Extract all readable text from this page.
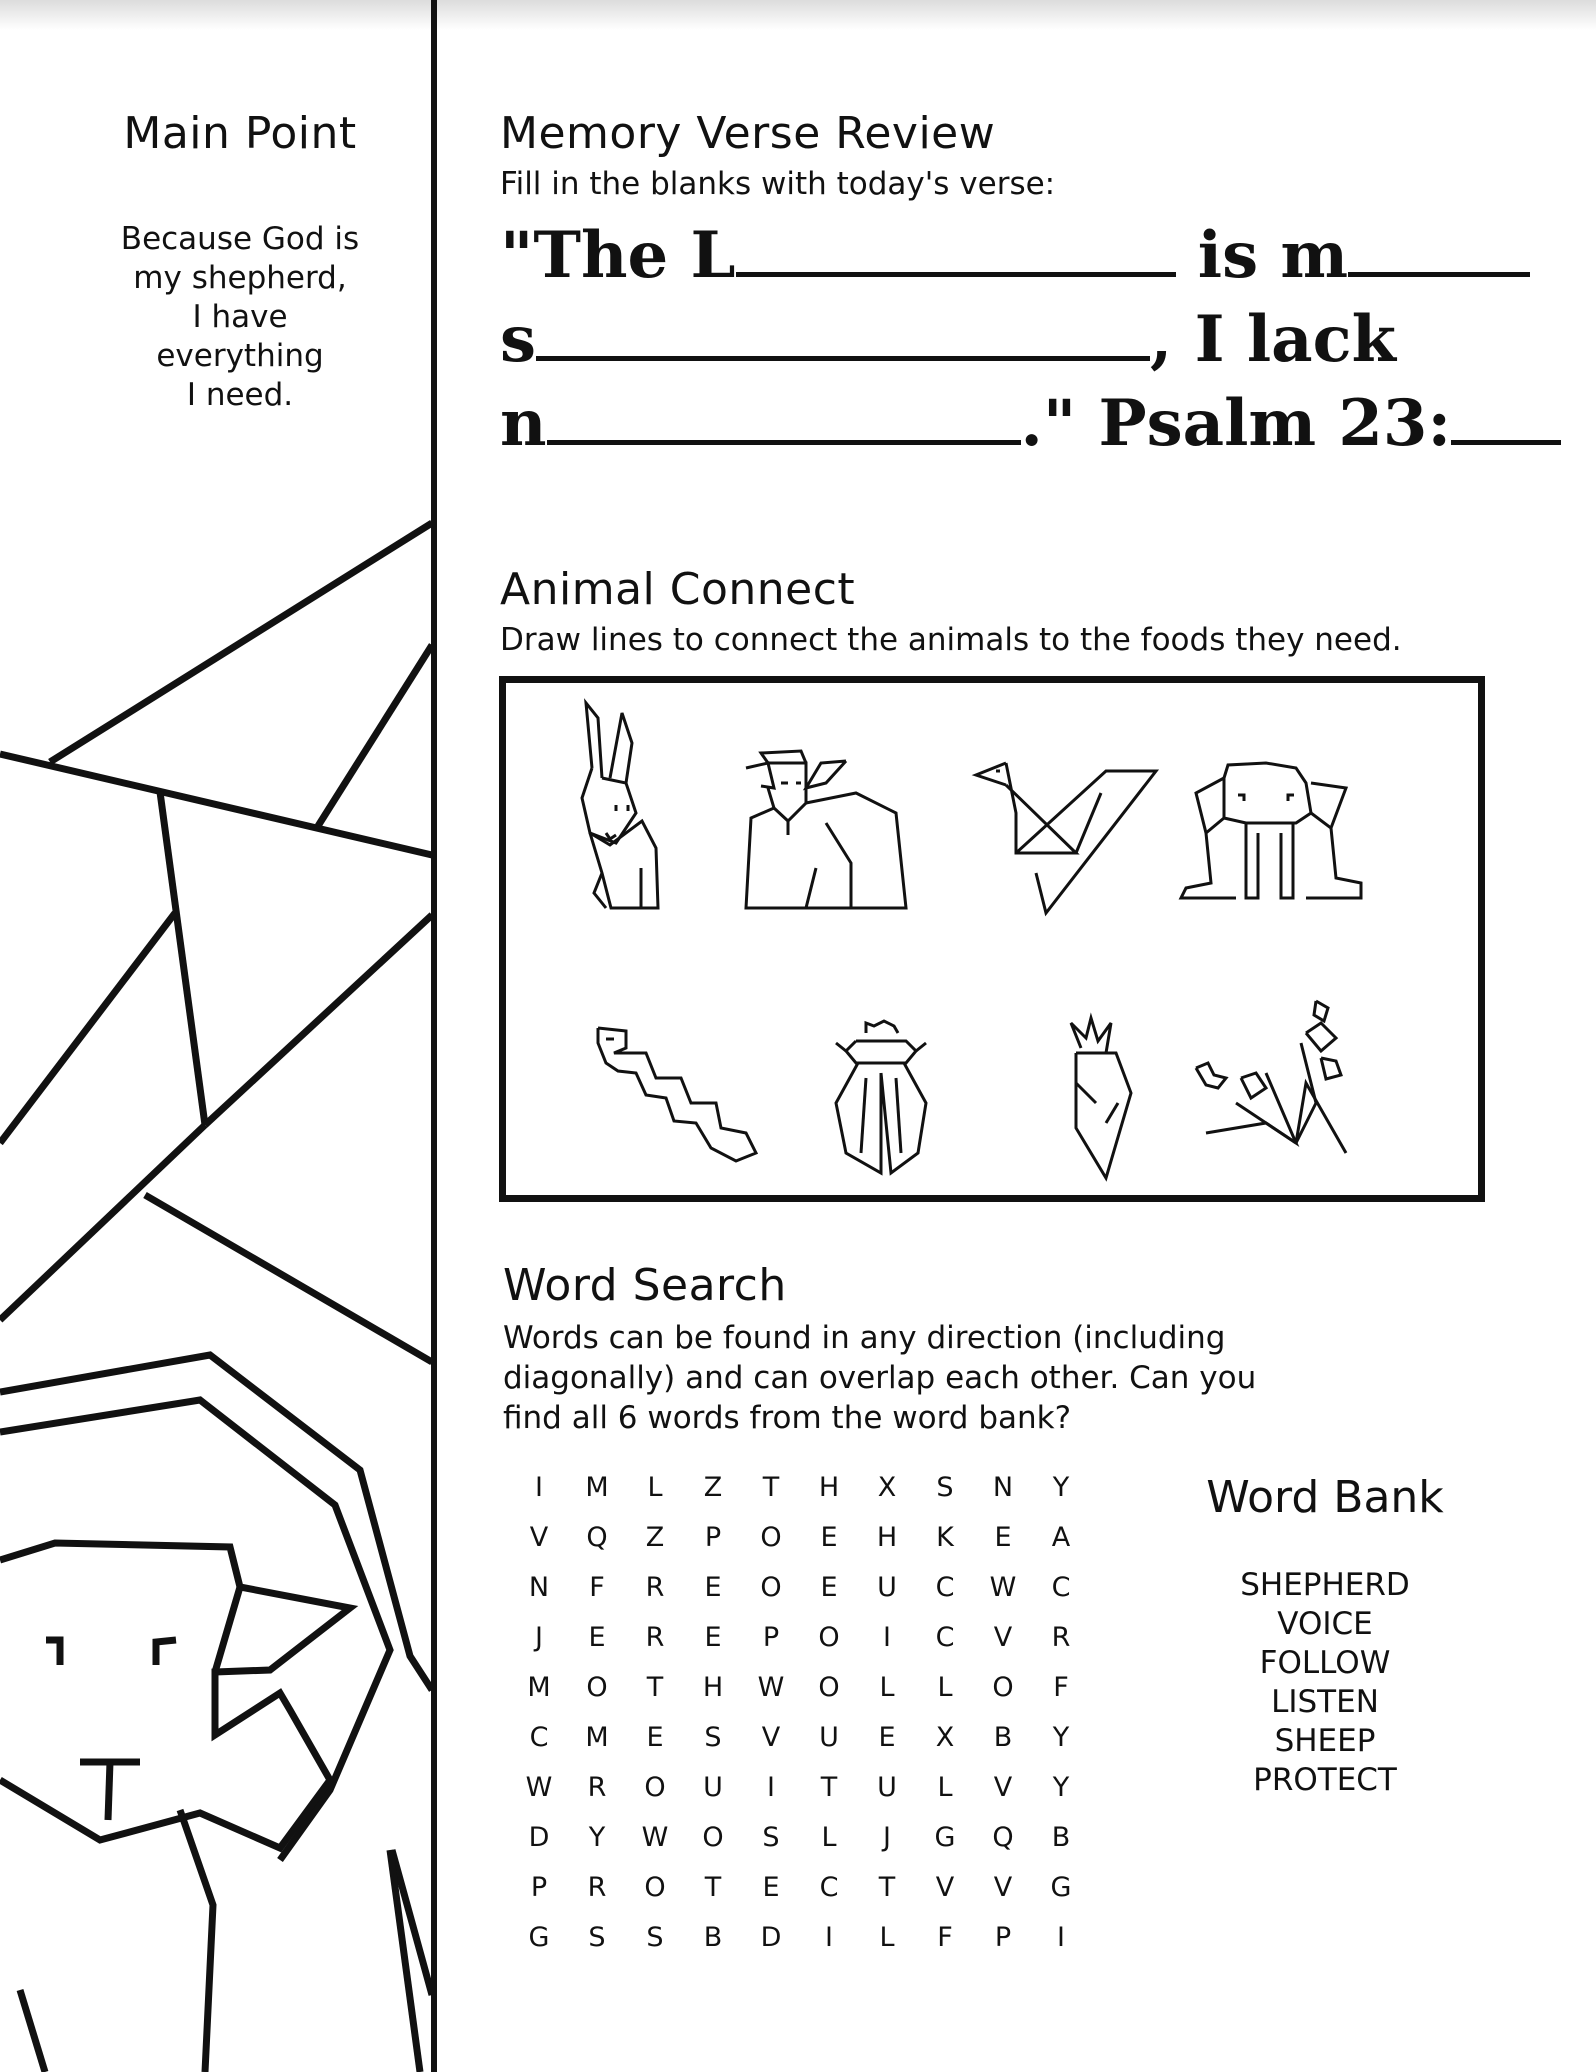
Main Point
Because God is
my shepherd,
I have
everything
I need.
Memory Verse Review
Fill in the blanks with today's verse:
"The L	is m
s	, I lack
n	." Psalm 23:
Animal Connect
Draw lines to connect the animals to the foods they need.
Word Search
Words can be found in any direction (including
diagonally) and can overlap each other. Can you
find all 6 words from the word bank?
I	M	L	Z	T	H	X	S	N	Y
V	Q	Z	P	O	E	H	K	E	A
N	F	R	E	O	E	U	C	W	C
J	E	R	E	P	O	I	C	V	R
M	O	T	H	W	O	L	L	O	F
C	M	E	S	V	U	E	X	B	Y
W	R	O	U	I	T	U	L	V	Y
D	Y	W	O	S	L	J	G	Q	B
P	R	O	T	E	C	T	V	V	G
G	S	S	B	D	I	L	F	P	I
Word Bank
SHEPHERD
VOICE
FOLLOW
LISTEN
SHEEP
PROTECT
